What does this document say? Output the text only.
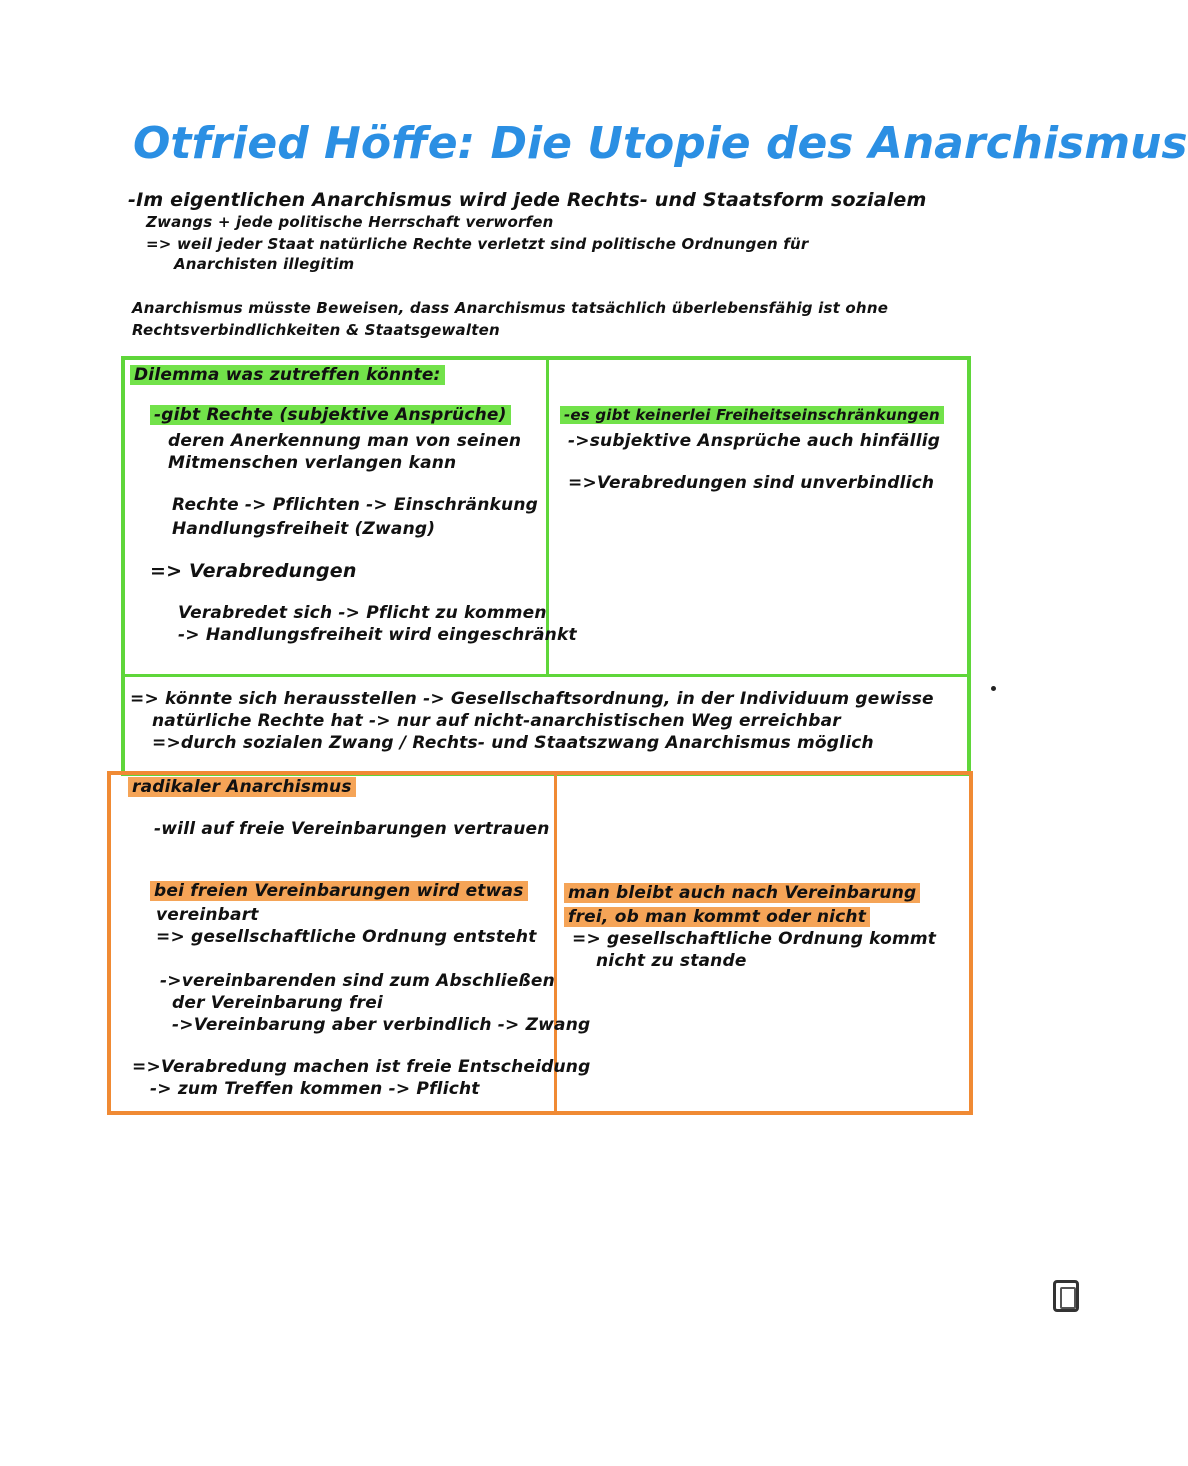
Otfried Höffe: Die Utopie des Anarchismus
-Im eigentlichen Anarchismus wird jede Rechts- und Staatsform sozialem
Zwangs + jede politische Herrschaft verworfen
=> weil jeder Staat natürliche Rechte verletzt sind politische Ordnungen für
Anarchisten illegitim
Anarchismus müsste Beweisen, dass Anarchismus tatsächlich überlebensfähig ist ohne
Rechtsverbindlichkeiten & Staatsgewalten
Dilemma was zutreffen könnte:
-gibt Rechte (subjektive Ansprüche)
deren Anerkennung man von seinen
Mitmenschen verlangen kann
Rechte -> Pflichten -> Einschränkung
Handlungsfreiheit (Zwang)
=> Verabredungen
Verabredet sich -> Pflicht zu kommen
-> Handlungsfreiheit wird eingeschränkt
-es gibt keinerlei Freiheitseinschränkungen
->subjektive Ansprüche auch hinfällig
=>Verabredungen sind unverbindlich
=> könnte sich herausstellen -> Gesellschaftsordnung, in der Individuum gewisse
natürliche Rechte hat -> nur auf nicht-anarchistischen Weg erreichbar
=>durch sozialen Zwang / Rechts- und Staatszwang Anarchismus möglich
radikaler Anarchismus
-will auf freie Vereinbarungen vertrauen
bei freien Vereinbarungen wird etwas
vereinbart
=> gesellschaftliche Ordnung entsteht
->vereinbarenden sind zum Abschließen
der Vereinbarung frei
->Vereinbarung aber verbindlich -> Zwang
=>Verabredung machen ist freie Entscheidung
-> zum Treffen kommen -> Pflicht
man bleibt auch nach Vereinbarung
frei, ob man kommt oder nicht
=> gesellschaftliche Ordnung kommt
nicht zu stande
